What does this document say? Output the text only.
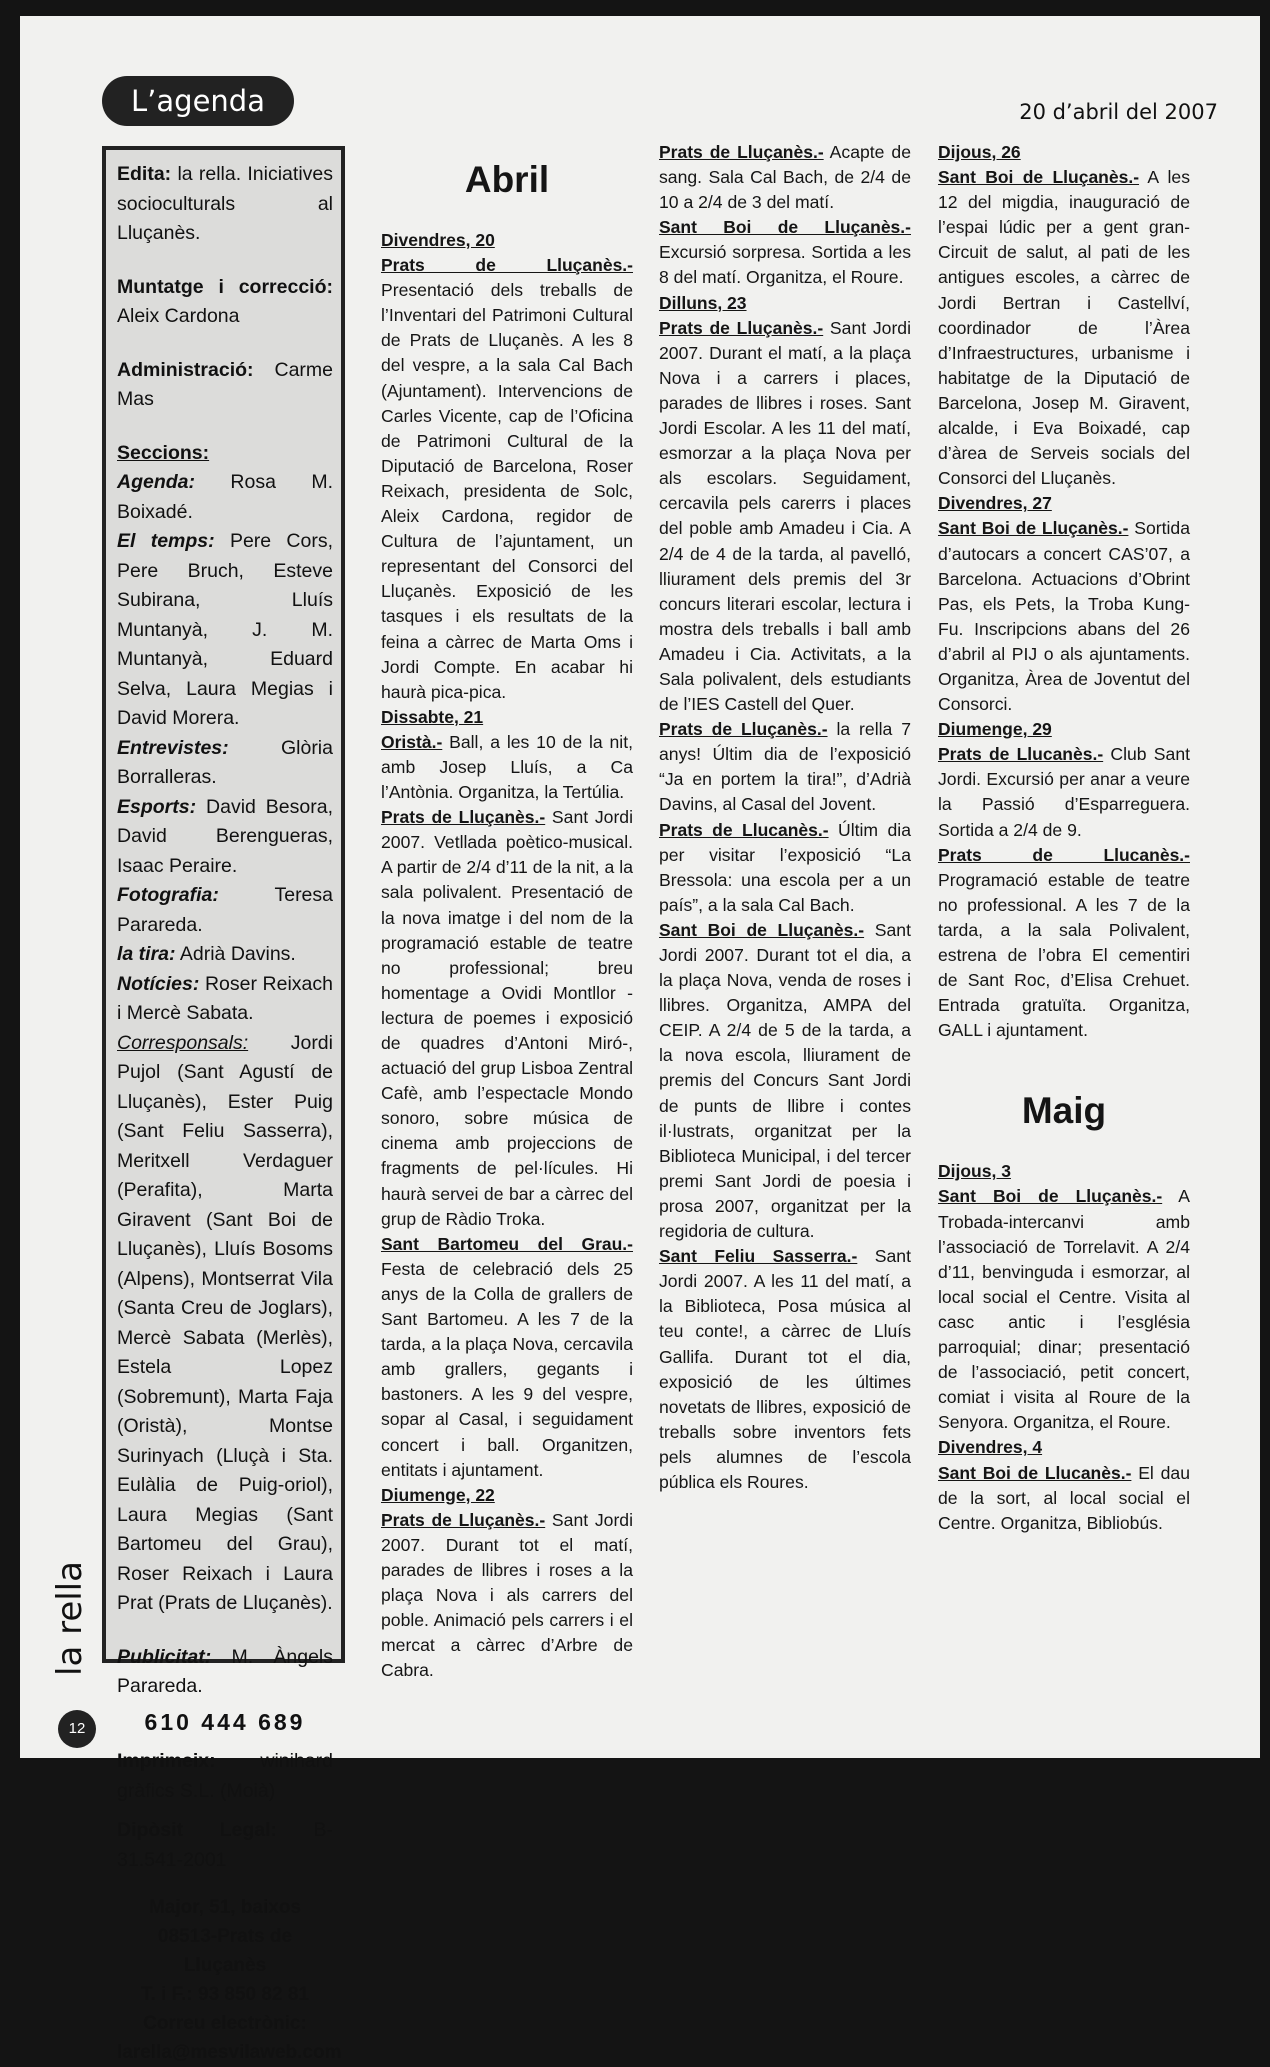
L’agenda	20 d’abril del 2007

Edita: la rella. Iniciatives socioculturals al Lluçanès.

Muntatge i correcció: Aleix Cardona

Administració: Carme Mas

Seccions:

Agenda: Rosa M. Boixadé.

El temps: Pere Cors, Pere Bruch, Esteve Subirana, Lluís Muntanyà, J. M. Muntanyà, Eduard Selva, Laura Megias i David Morera.

Entrevistes:	Glòria Borralleras.

Esports: David Besora, David Berengueras, Isaac Peraire.

Fotografia:	Teresa Parareda.

la tira: Adrià Davins.

Notícies: Roser Reixach i Mercè Sabata.

Corresponsals: Jordi Pujol (Sant Agustí de Lluçanès), Ester Puig (Sant Feliu Sasserra), Meritxell Verdaguer (Perafita), Marta Giravent (Sant Boi de Lluçanès), Lluís Bosoms (Alpens), Montserrat Vila (Santa Creu de Joglars), Mercè Sabata (Merlès), Estela Lopez (Sobremunt), Marta Faja (Oristà), Montse Surinyach (Lluçà i Sta. Eulàlia de Puig-oriol), Laura Megias (Sant Bartomeu del Grau), Roser Reixach i Laura Prat (Prats de Lluçanès).

Publicitat: M. Àngels Parareda.

610 444 689

Imprimeix: winihard gràfics S.L. (Moià)

Dipòsit Legal: B-31.541-2001

Major, 51, baixos
08513-Prats de Lluçanès
T. i F.: 93 850 82 81
Correu electrònic:
larella@mesvilaweb.com
la rella
12
Abril
Divendres, 20

Prats de Lluçanès.- Presentació dels treballs de l’Inventari del Patrimoni Cultural de Prats de Lluçanès. A les 8 del vespre, a la sala Cal Bach (Ajuntament). Intervencions de Carles Vicente, cap de l’Oficina de Patrimoni Cultural de la Diputació de Barcelona, Roser Reixach, presidenta de Solc, Aleix Cardona, regidor de Cultura de l’ajuntament, un representant del Consorci del Lluçanès. Exposició de les tasques i els resultats de la feina a càrrec de Marta Oms i Jordi Compte. En acabar hi haurà pica-pica.

Dissabte, 21

Oristà.- Ball, a les 10 de la nit, amb Josep Lluís, a Ca l’Antònia. Organitza, la Tertúlia.

Prats de Lluçanès.- Sant Jordi 2007. Vetllada poètico-musical. A partir de 2/4 d’11 de la nit, a la sala polivalent. Presentació de la nova imatge i del nom de la programació estable de teatre no professional; breu homentage a Ovidi Montllor -lectura de poemes i exposició de quadres d’Antoni Miró-, actuació del grup Lisboa Zentral Cafè, amb l’espectacle Mondo sonoro, sobre música de cinema amb projeccions de fragments de pel·lícules. Hi haurà servei de bar a càrrec del grup de Ràdio Troka.

Sant Bartomeu del Grau.- Festa de celebració dels 25 anys de la Colla de grallers de Sant Bartomeu. A les 7 de la tarda, a la plaça Nova, cercavila amb grallers, gegants i bastoners. A les 9 del vespre, sopar al Casal, i seguidament concert i ball. Organitzen, entitats i ajuntament.

Diumenge, 22

Prats de Lluçanès.- Sant Jordi 2007. Durant tot el matí, parades de llibres i roses a la plaça Nova i als carrers del poble. Animació pels carrers i el mercat a càrrec d’Arbre de Cabra.

Prats de Lluçanès.- Acapte de sang. Sala Cal Bach, de 2/4 de 10 a 2/4 de 3 del matí.

Sant Boi de Lluçanès.- Excursió sorpresa. Sortida a les 8 del matí. Organitza, el Roure.

Dilluns, 23

Prats de Lluçanès.- Sant Jordi 2007. Durant el matí, a la plaça Nova i a carrers i places, parades de llibres i roses. Sant Jordi Escolar. A les 11 del matí, esmorzar a la plaça Nova per als escolars. Seguidament, cercavila pels carerrs i places del poble amb Amadeu i Cia. A 2/4 de 4 de la tarda, al pavelló, lliurament dels premis del 3r concurs literari escolar, lectura i mostra dels treballs i ball amb Amadeu i Cia. Activitats, a la Sala polivalent, dels estudiants de l’IES Castell del Quer.

Prats de Lluçanès.- la rella 7 anys! Últim dia de l’exposició “Ja en portem la tira!”, d’Adrià Davins, al Casal del Jovent.

Prats de Llucanès.- Últim dia per visitar l’exposició “La Bressola: una escola per a un país”, a la sala Cal Bach.

Sant Boi de Lluçanès.- Sant Jordi 2007. Durant tot el dia, a la plaça Nova, venda de roses i llibres. Organitza, AMPA del CEIP. A 2/4 de 5 de la tarda, a la nova escola, lliurament de premis del Concurs Sant Jordi de punts de llibre i contes il·lustrats, organitzat per la Biblioteca Municipal, i del tercer premi Sant Jordi de poesia i prosa 2007, organitzat per la regidoria de cultura.

Sant Feliu Sasserra.- Sant Jordi 2007. A les 11 del matí, a la Biblioteca, Posa música al teu conte!, a càrrec de Lluís Gallifa. Durant tot el dia, exposició de les últimes novetats de llibres, exposició de treballs sobre inventors fets pels alumnes de l’escola pública els Roures.

Dijous, 26

Sant Boi de Lluçanès.- A les 12 del migdia, inauguració de l’espai lúdic per a gent gran-Circuit de salut, al pati de les antigues escoles, a càrrec de Jordi Bertran i Castellví, coordinador de l’Àrea d’Infraestructures, urbanisme i habitatge de la Diputació de Barcelona, Josep M. Giravent, alcalde, i Eva Boixadé, cap d’àrea de Serveis socials del Consorci del Lluçanès.

Divendres, 27

Sant Boi de Lluçanès.- Sortida d’autocars a concert CAS’07, a Barcelona. Actuacions d’Obrint Pas, els Pets, la Troba Kung-Fu. Inscripcions abans del 26 d’abril al PIJ o als ajuntaments. Organitza, Àrea de Joventut del Consorci.

Diumenge, 29

Prats de Llucanès.- Club Sant Jordi. Excursió per anar a veure la Passió d’Esparreguera. Sortida a 2/4 de 9.

Prats de Llucanès.- Programació estable de teatre no professional. A les 7 de la tarda, a la sala Polivalent, estrena de l’obra El cementiri de Sant Roc, d’Elisa Crehuet. Entrada gratuïta. Organitza, GALL i ajuntament.

Maig
Dijous, 3

Sant Boi de Lluçanès.- A Trobada-intercanvi amb l’associació de Torrelavit. A 2/4 d’11, benvinguda i esmorzar, al local social el Centre. Visita al casc antic i l’església parroquial; dinar; presentació de l’associació, petit concert, comiat i visita al Roure de la Senyora. Organitza, el Roure.

Divendres, 4

Sant Boi de Llucanès.- El dau de la sort, al local social el Centre. Organitza, Bibliobús.
